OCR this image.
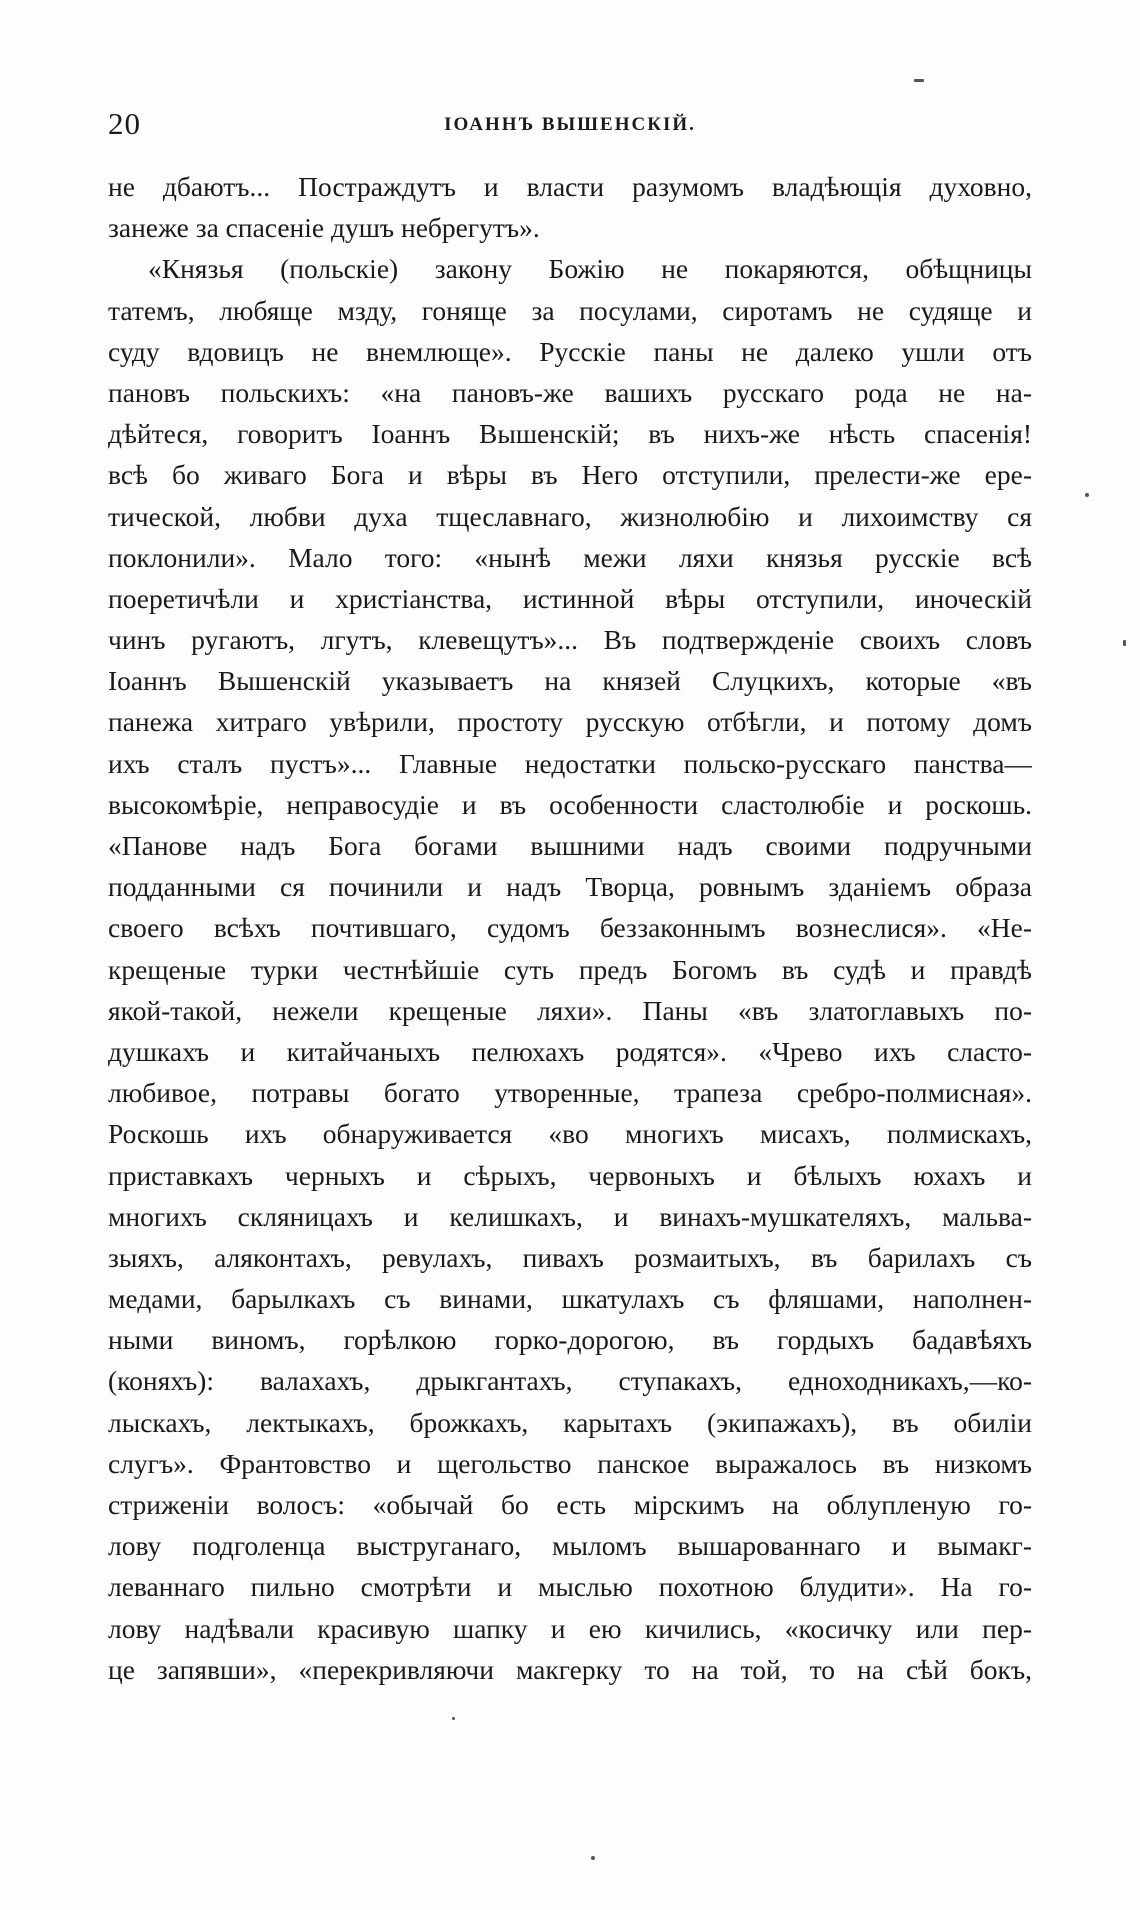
20	ІОАННЪ ВЫШЕНСКІЙ.
не дбаютъ... Постраждутъ и власти разумомъ владѣющія духовно,
занеже за спасеніе душъ небрегутъ».
«Князья (польскіе) закону Божію не покаряются, обѣщницы
татемъ, любяще мзду, гоняще за посулами, сиротамъ не судяще и
суду вдовицъ не внемлюще». Русскіе паны не далеко ушли отъ
пановъ польскихъ: «на пановъ-же вашихъ русскаго рода не на-
дѣйтеся, говоритъ Іоаннъ Вышенскій; въ нихъ-же нѣсть спасенія!
всѣ бо живаго Бога и вѣры въ Него отступили, прелести-же ере-
тической, любви духа тщеславнаго, жизнолюбію и лихоимству ся
поклонили». Мало того: «нынѣ межи ляхи князья русскіе всѣ
поеретичѣли и христіанства, истинной вѣры отступили, иноческій
чинъ ругаютъ, лгутъ, клевещутъ»... Въ подтвержденіе своихъ словъ
Іоаннъ Вышенскій указываетъ на князей Слуцкихъ, которые «въ
панежа хитраго увѣрили, простоту русскую отбѣгли, и потому домъ
ихъ сталъ пустъ»... Главные недостатки польско-русскаго панства—
высокомѣріе, неправосудіе и въ особенности сластолюбіе и роскошь.
«Панове надъ Бога богами вышними надъ своими подручными
подданными ся починили и надъ Творца, ровнымъ зданіемъ образа
своего всѣхъ почтившаго, судомъ беззаконнымъ вознеслися». «Не-
крещеные турки честнѣйшіе суть предъ Богомъ въ судѣ и правдѣ
якой-такой, нежели крещеные ляхи». Паны «въ златоглавыхъ по-
душкахъ и китайчаныхъ пелюхахъ родятся». «Чрево ихъ сласто-
любивое, потравы богато утворенные, трапеза сребро-полмисная».
Роскошь ихъ обнаруживается «во многихъ мисахъ, полмискахъ,
приставкахъ черныхъ и сѣрыхъ, червоныхъ и бѣлыхъ юхахъ и
многихъ скляницахъ и келишкахъ, и винахъ-мушкателяхъ, мальва-
зыяхъ, аляконтахъ, ревулахъ, пивахъ розмаитыхъ, въ барилахъ съ
медами, барылкахъ съ винами, шкатулахъ съ фляшами, наполнен-
ными виномъ, горѣлкою горко-дорогою, въ гордыхъ бадавѣяхъ
(коняхъ): валахахъ, дрыкгантахъ, ступакахъ, едноходникахъ,—ко-
лыскахъ, лектыкахъ, брожкахъ, карытахъ (экипажахъ), въ обиліи
слугъ». Франтовство и щегольство панское выражалось въ низкомъ
стриженіи волосъ: «обычай бо есть мірскимъ на облупленую го-
лову подголенца выструганаго, мыломъ вышарованнаго и вымакг-
леваннаго пильно смотрѣти и мыслью похотною блудити». На го-
лову надѣвали красивую шапку и ею кичились, «косичку или пер-
це запявши», «перекривляючи макгерку то на той, то на сѣй бокъ,
